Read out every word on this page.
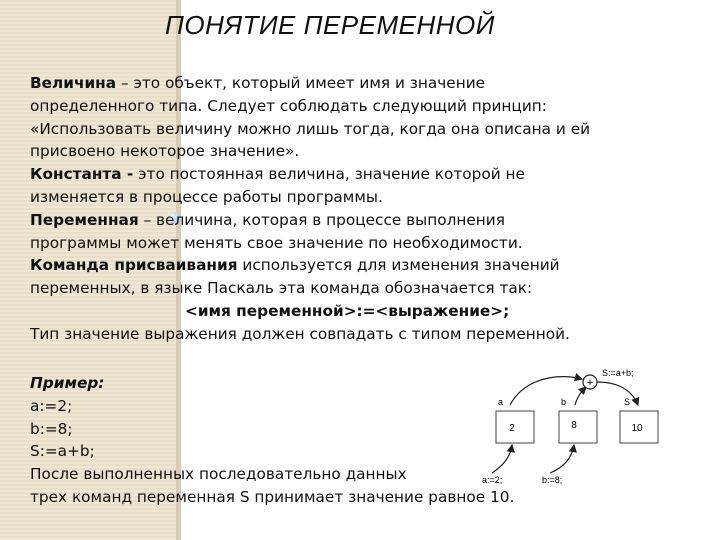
ПОНЯТИЕ ПЕРЕМЕННОЙ
Величина – это объект, который имеет имя и значение
определенного типа. Следует соблюдать следующий принцип:
«Использовать величину можно лишь тогда, когда она описана и ей
присвоено некоторое значение».
Константа - это постоянная величина, значение которой не
изменяется в процессе работы программы.
Переменная – величина, которая в процессе выполнения
программы может менять свое значение по необходимости.
Команда присваивания используется для изменения значений
переменных, в языке Паскаль эта команда обозначается так:
<имя переменной>:=<выражение>;
Тип значение выражения должен совпадать с типом переменной.
Пример:
a:=2;
b:=8;
S:=a+b;
После выполненных последовательно данных
трех команд переменная S принимает значение равное 10.
+
S:=a+b;
a	b	S
2	8	10
a:=2;	b:=8;
